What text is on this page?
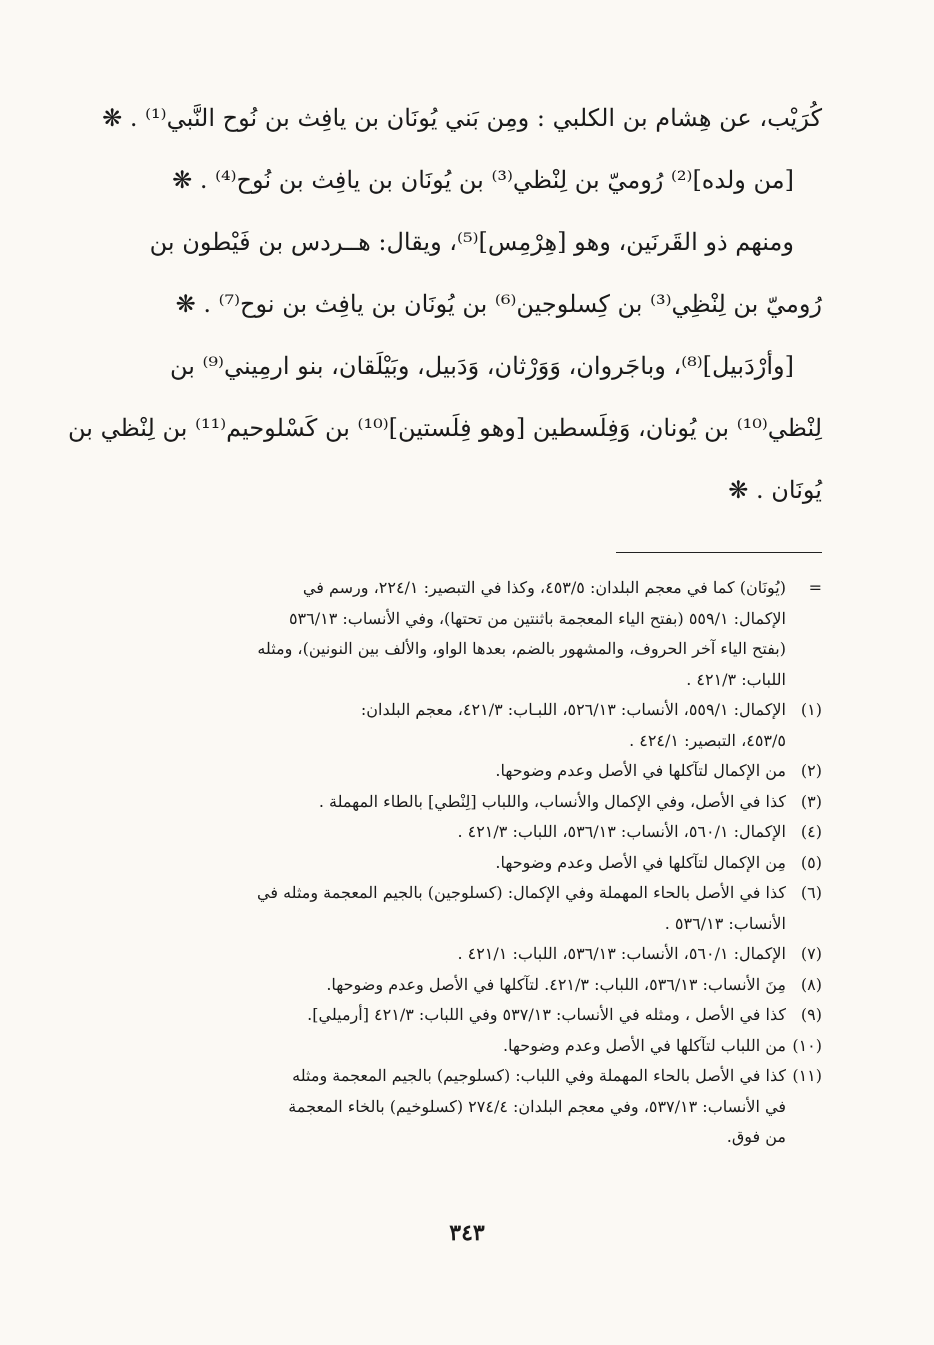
كُرَيْب، عن هِشام بن الكلبي : ومِن بَني يُونَان بن يافِث بن نُوح النَّبي⁽¹⁾ . ❋
[من ولده]⁽²⁾ رُوميّ بن لِنْظي⁽³⁾ بن يُونَان بن يافِث بن نُوح⁽⁴⁾ . ❋
ومنهم ذو القَرنَين، وهو [هِرْمِس]⁽⁵⁾، ويقال: هــردس بن فَيْطون بن
رُوميّ بن لِنْظِي⁽³⁾ بن كِسلوجين⁽⁶⁾ بن يُونَان بن يافِث بن نوح⁽⁷⁾ . ❋
[وأرْدَبيل]⁽⁸⁾، وباجَروان، وَوَرْثان، وَدَبيل، وبَيْلَقان، بنو ارمِيني⁽⁹⁾ بن
لِنْظي⁽¹⁰⁾ بن يُونان، وَفِلَسطين [وهو فِلَستين]⁽¹⁰⁾ بن كَسْلوحيم⁽¹¹⁾ بن لِنْظي بن
يُونَان . ❋
=
(يُونَان) كما في معجم البلدان: ٤٥٣/٥، وكذا في التبصير: ٢٢٤/١، ورسم في
الإكمال: ٥٥٩/١ (بفتح الياء المعجمة باثنتين من تحتها)، وفي الأنساب: ٥٣٦/١٣
(بفتح الياء آخر الحروف، والمشهور بالضم، بعدها الواو، والألف بين النونين)، ومثله
اللباب: ٤٢١/٣ .
(١)
الإكمال: ٥٥٩/١، الأنساب: ٥٢٦/١٣، اللبـاب: ٤٢١/٣، معجم البلدان:
٤٥٣/٥، التبصير: ٤٢٤/١ .
(٢)
من الإكمال لتآكلها في الأصل وعدم وضوحها.
(٣)
كذا في الأصل، وفي الإكمال والأنساب، واللباب [لِنْطي] بالطاء المهملة .
(٤)
الإكمال: ٥٦٠/١، الأنساب: ٥٣٦/١٣، اللباب: ٤٢١/٣ .
(٥)
مِن الإكمال لتآكلها في الأصل وعدم وضوحها.
(٦)
كذا في الأصل بالحاء المهملة وفي الإكمال: (كسلوجين) بالجيم المعجمة ومثله في
الأنساب: ٥٣٦/١٣ .
(٧)
الإكمال: ٥٦٠/١، الأنساب: ٥٣٦/١٣، اللباب: ٤٢١/١ .
(٨)
مِنَ الأنساب: ٥٣٦/١٣، اللباب: ٤٢١/٣. لتآكلها في الأصل وعدم وضوحها.
(٩)
كذا في الأصل ، ومثله في الأنساب: ٥٣٧/١٣ وفي اللباب: ٤٢١/٣ [أرميلي].
(١٠)
من اللباب لتآكلها في الأصل وعدم وضوحها.
(١١)
كذا في الأصل بالحاء المهملة وفي اللباب: (كسلوجيم) بالجيم المعجمة ومثله
في الأنساب: ٥٣٧/١٣، وفي معجم البلدان: ٢٧٤/٤ (كسلوخيم) بالخاء المعجمة
من فوق.
٣٤٣
